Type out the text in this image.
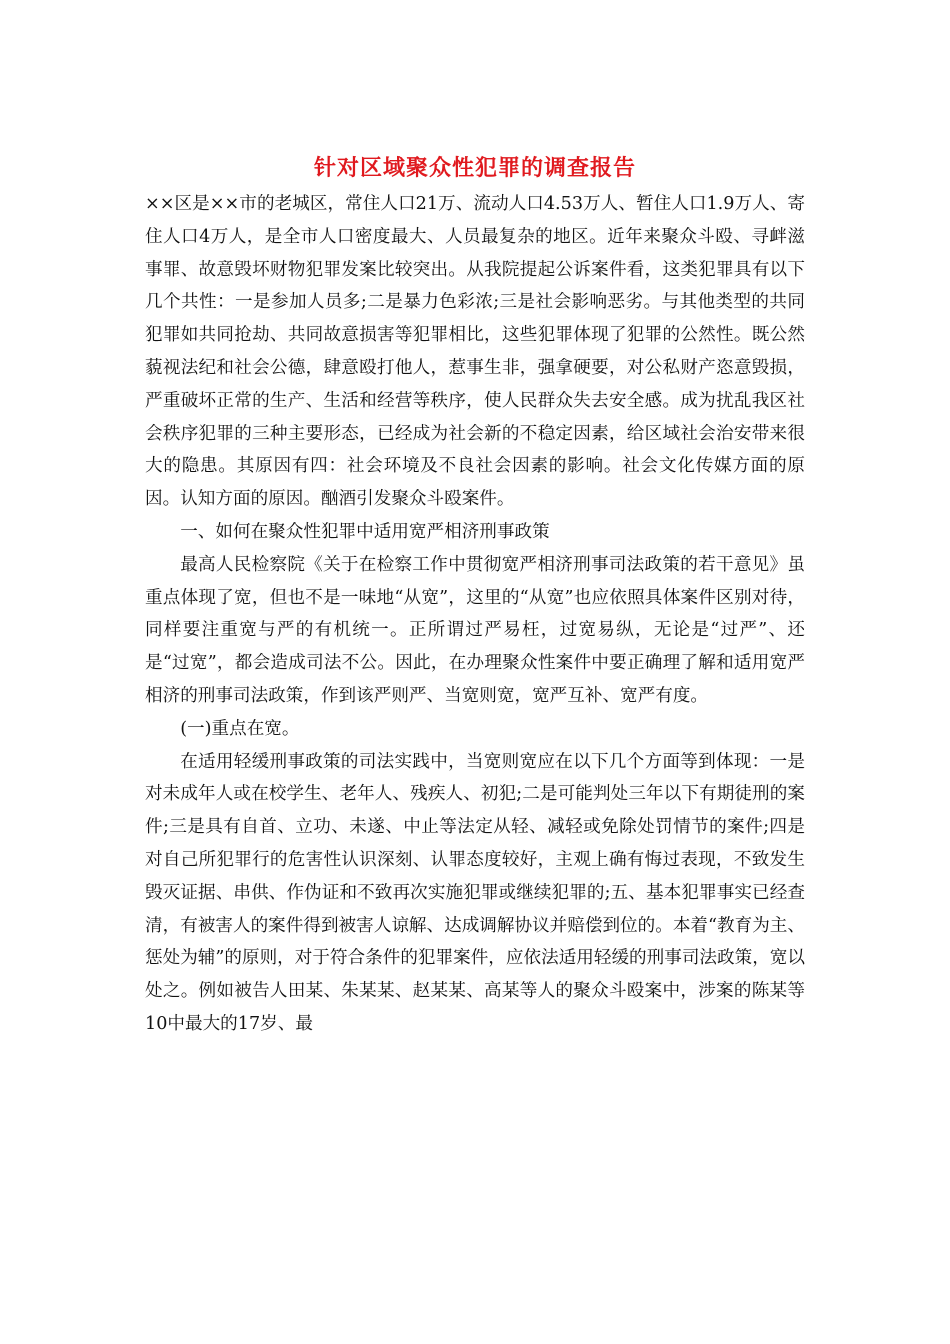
针对区域聚众性犯罪的调查报告

××区是××市的老城区，常住人口21万、流动人口4.53万人、暂住人口1.9万人、寄住人口4万人，是全市人口密度最大、人员最复杂的地区。近年来聚众斗殴、寻衅滋事罪、故意毁坏财物犯罪发案比较突出。从我院提起公诉案件看，这类犯罪具有以下几个共性：一是参加人员多;二是暴力色彩浓;三是社会影响恶劣。与其他类型的共同犯罪如共同抢劫、共同故意损害等犯罪相比，这些犯罪体现了犯罪的公然性。既公然藐视法纪和社会公德，肆意殴打他人，惹事生非，强拿硬要，对公私财产恣意毁损，严重破坏正常的生产、生活和经营等秩序，使人民群众失去安全感。成为扰乱我区社会秩序犯罪的三种主要形态，已经成为社会新的不稳定因素，给区域社会治安带来很大的隐患。其原因有四：社会环境及不良社会因素的影响。社会文化传媒方面的原因。认知方面的原因。酗酒引发聚众斗殴案件。

一、如何在聚众性犯罪中适用宽严相济刑事政策

最高人民检察院《关于在检察工作中贯彻宽严相济刑事司法政策的若干意见》虽重点体现了宽，但也不是一味地“从宽”，这里的“从宽”也应依照具体案件区别对待，同样要注重宽与严的有机统一。正所谓过严易枉，过宽易纵，无论是“过严”、还是“过宽”，都会造成司法不公。因此，在办理聚众性案件中要正确理了解和适用宽严相济的刑事司法政策，作到该严则严、当宽则宽，宽严互补、宽严有度。

(一)重点在宽。

在适用轻缓刑事政策的司法实践中，当宽则宽应在以下几个方面等到体现：一是对未成年人或在校学生、老年人、残疾人、初犯;二是可能判处三年以下有期徒刑的案件;三是具有自首、立功、未遂、中止等法定从轻、减轻或免除处罚情节的案件;四是对自己所犯罪行的危害性认识深刻、认罪态度较好，主观上确有悔过表现，不致发生毁灭证据、串供、作伪证和不致再次实施犯罪或继续犯罪的;五、基本犯罪事实已经查清，有被害人的案件得到被害人谅解、达成调解协议并赔偿到位的。本着“教育为主、惩处为辅”的原则，对于符合条件的犯罪案件，应依法适用轻缓的刑事司法政策，宽以处之。例如被告人田某、朱某某、赵某某、高某等人的聚众斗殴案中，涉案的陈某等10中最大的17岁、最
